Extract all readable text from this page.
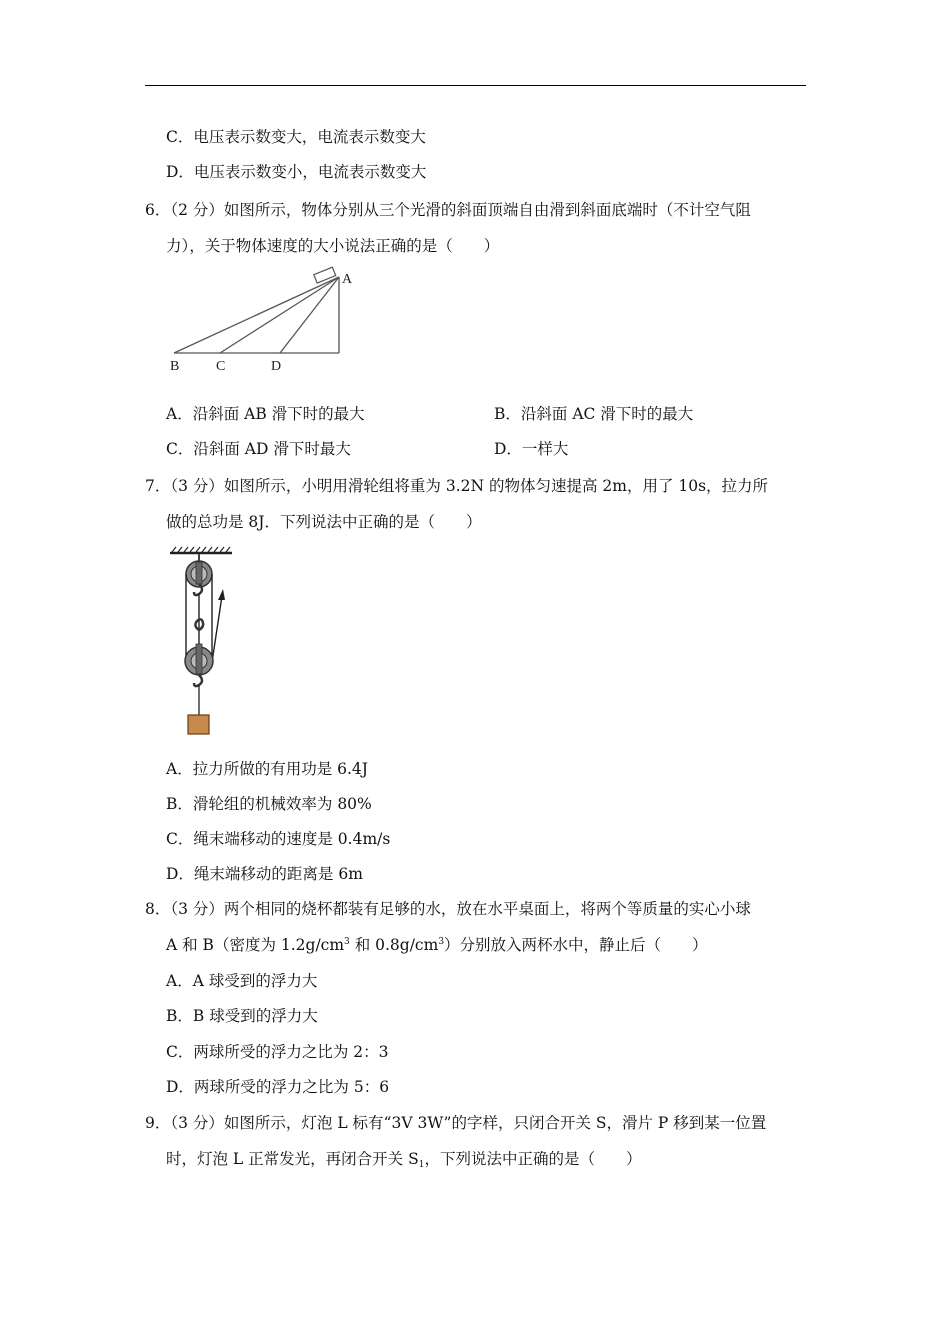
C．电压表示数变大，电流表示数变大
D．电压表示数变小，电流表示数变大
6．（2 分）如图所示，物体分别从三个光滑的斜面顶端自由滑到斜面底端时（不计空气阻
力），关于物体速度的大小说法正确的是（　　）
A
B	C	D
A．沿斜面 AB 滑下时的最大	B．沿斜面 AC 滑下时的最大
C．沿斜面 AD 滑下时最大	D．一样大
7．（3 分）如图所示，小明用滑轮组将重为 3.2N 的物体匀速提高 2m，用了 10s，拉力所
做的总功是 8J．下列说法中正确的是（　　）
A．拉力所做的有用功是 6.4J
B．滑轮组的机械效率为 80%
C．绳末端移动的速度是 0.4m/s
D．绳末端移动的距离是 6m
8．（3 分）两个相同的烧杯都装有足够的水，放在水平桌面上，将两个等质量的实心小球
A 和 B（密度为 $1.2g/cm^3$ 和 $0.8g/cm^3$）分别放入两杯水中，静止后（　　）
A．A 球受到的浮力大
B．B 球受到的浮力大
C．两球所受的浮力之比为 2：3
D．两球所受的浮力之比为 5：6
9．（3 分）如图所示，灯泡 L 标有“3V 3W”的字样，只闭合开关 S，滑片 P 移到某一位置
时，灯泡 L 正常发光，再闭合开关 $S_1$，下列说法中正确的是（　　）
